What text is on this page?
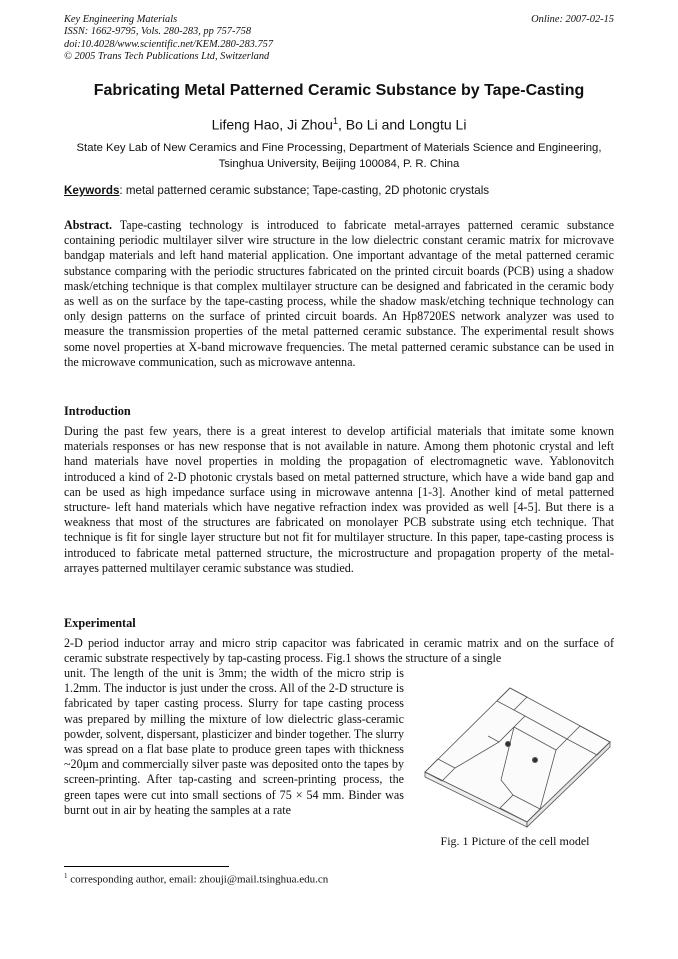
Key Engineering Materials
ISSN: 1662-9795, Vols. 280-283, pp 757-758
doi:10.4028/www.scientific.net/KEM.280-283.757
© 2005 Trans Tech Publications Ltd, Switzerland
Online: 2007-02-15
Fabricating Metal Patterned Ceramic Substance by Tape-Casting
Lifeng Hao, Ji Zhou$^1$, Bo Li and Longtu Li
State Key Lab of New Ceramics and Fine Processing, Department of Materials Science and Engineering, Tsinghua University, Beijing 100084, P. R. China
Keywords: metal patterned ceramic substance; Tape-casting, 2D photonic crystals
Abstract. Tape-casting technology is introduced to fabricate metal-arrayes patterned ceramic substance containing periodic multilayer silver wire structure in the low dielectric constant ceramic matrix for microvave bandgap materials and left hand material application. One important advantage of the metal patterned ceramic substance comparing with the periodic structures fabricated on the printed circuit boards (PCB) using a shadow mask/etching technique is that complex multilayer structure can be designed and fabricated in the ceramic body as well as on the surface by the tape-casting process, while the shadow mask/etching technique technology can only design patterns on the surface of printed circuit boards. An Hp8720ES network analyzer was used to measure the transmission properties of the metal patterned ceramic substance. The experimental result shows some novel properties at X-band microwave frequencies. The metal patterned ceramic substance can be used in the microwave communication, such as microwave antenna.
Introduction
During the past few years, there is a great interest to develop artificial materials that imitate some known materials responses or has new response that is not available in nature. Among them photonic crystal and left hand materials have novel properties in molding the propagation of electromagnetic wave. Yablonovitch introduced a kind of 2-D photonic crystals based on metal patterned structure, which have a wide band gap and can be used as high impedance surface using in microwave antenna [1-3]. Another kind of metal patterned structure- left hand materials which have negative refraction index was provided as well [4-5]. But there is a weakness that most of the structures are fabricated on monolayer PCB substrate using etch technique. That technique is fit for single layer structure but not fit for multilayer structure. In this paper, tape-casting process is introduced to fabricate metal patterned structure, the microstructure and propagation property of the metal-arrayes patterned multilayer ceramic substance was studied.
Experimental
2-D period inductor array and micro strip capacitor was fabricated in ceramic matrix and on the surface of ceramic substrate respectively by tap-casting process. Fig.1 shows the structure of a single
unit. The length of the unit is 3mm; the width of the micro strip is 1.2mm. The inductor is just under the cross. All of the 2-D structure is fabricated by taper casting process. Slurry for tape casting process was prepared by milling the mixture of low dielectric glass-ceramic powder, solvent, dispersant, plasticizer and binder together. The slurry was spread on a flat base plate to produce green tapes with thickness ~20μm and commercially silver paste was deposited onto the tapes by screen-printing. After tap-casting and screen-printing process, the green tapes were cut into small sections of 75 × 54 mm. Binder was burnt out in air by heating the samples at a rate
Fig. 1 Picture of the cell model
$^1$ corresponding author, email: zhouji@mail.tsinghua.edu.cn
